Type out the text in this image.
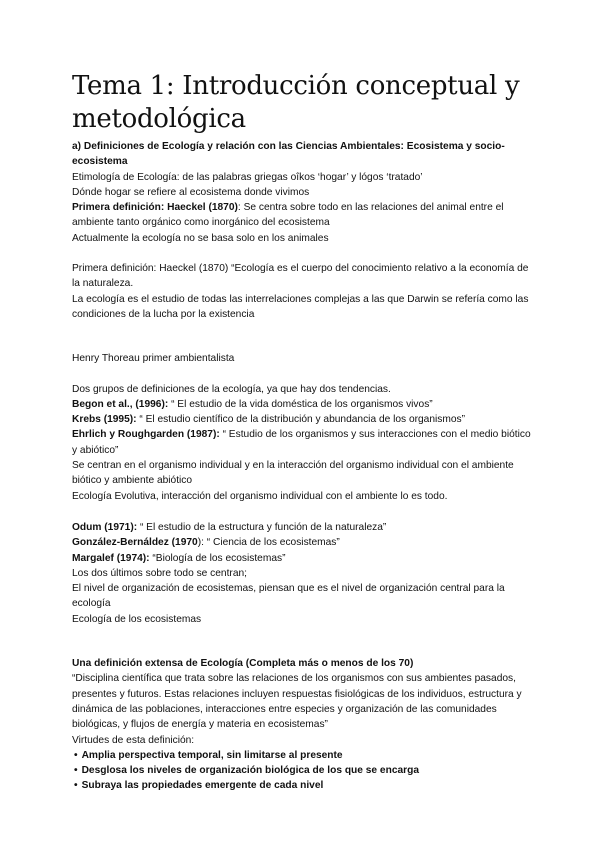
Tema 1: Introducción conceptual y metodológica

a) Definiciones de Ecología y relación con las Ciencias Ambientales: Ecosistema y socio-ecosistema

Etimología de Ecología: de las palabras griegas oîkos ‘hogar’ y lógos ‘tratado’

Dónde hogar se refiere al ecosistema donde vivimos

Primera definición: Haeckel (1870): Se centra sobre todo en las relaciones del animal entre el ambiente tanto orgánico como inorgánico del ecosistema

Actualmente la ecología no se basa solo en los animales

Primera definición: Haeckel (1870) “Ecología es el cuerpo del conocimiento relativo a la economía de la naturaleza.

La ecología es el estudio de todas las interrelaciones complejas a las que Darwin se refería como las condiciones de la lucha por la existencia

Henry Thoreau primer ambientalista

Dos grupos de definiciones de la ecología, ya que hay dos tendencias.

Begon et al., (1996): “ El estudio de la vida doméstica de los organismos vivos”

Krebs (1995): “ El estudio científico de la distribución y abundancia de los organismos”

Ehrlich y Roughgarden (1987): “ Estudio de los organismos y sus interacciones con el medio biótico y abiótico”

Se centran en el organismo individual y en la interacción del organismo individual con el ambiente biótico y ambiente abiótico

Ecología Evolutiva, interacción del organismo individual con el ambiente lo es todo.

Odum (1971): “ El estudio de la estructura y función de la naturaleza”

González-Bernáldez (1970): “ Ciencia de los ecosistemas”

Margalef (1974): “Biología de los ecosistemas”

Los dos últimos sobre todo se centran;

El nivel de organización de ecosistemas, piensan que es el nivel de organización central para la ecología

Ecología de los ecosistemas

Una definición extensa de Ecología (Completa más o menos de los 70)

“Disciplina científica que trata sobre las relaciones de los organismos con sus ambientes pasados, presentes y futuros. Estas relaciones incluyen respuestas fisiológicas de los individuos, estructura y dinámica de las poblaciones, interacciones entre especies y organización de las comunidades biológicas, y flujos de energía y materia en ecosistemas”

Virtudes de esta definición:

• Amplia perspectiva temporal, sin limitarse al presente
• Desglosa los niveles de organización biológica de los que se encarga
• Subraya las propiedades emergente de cada nivel
